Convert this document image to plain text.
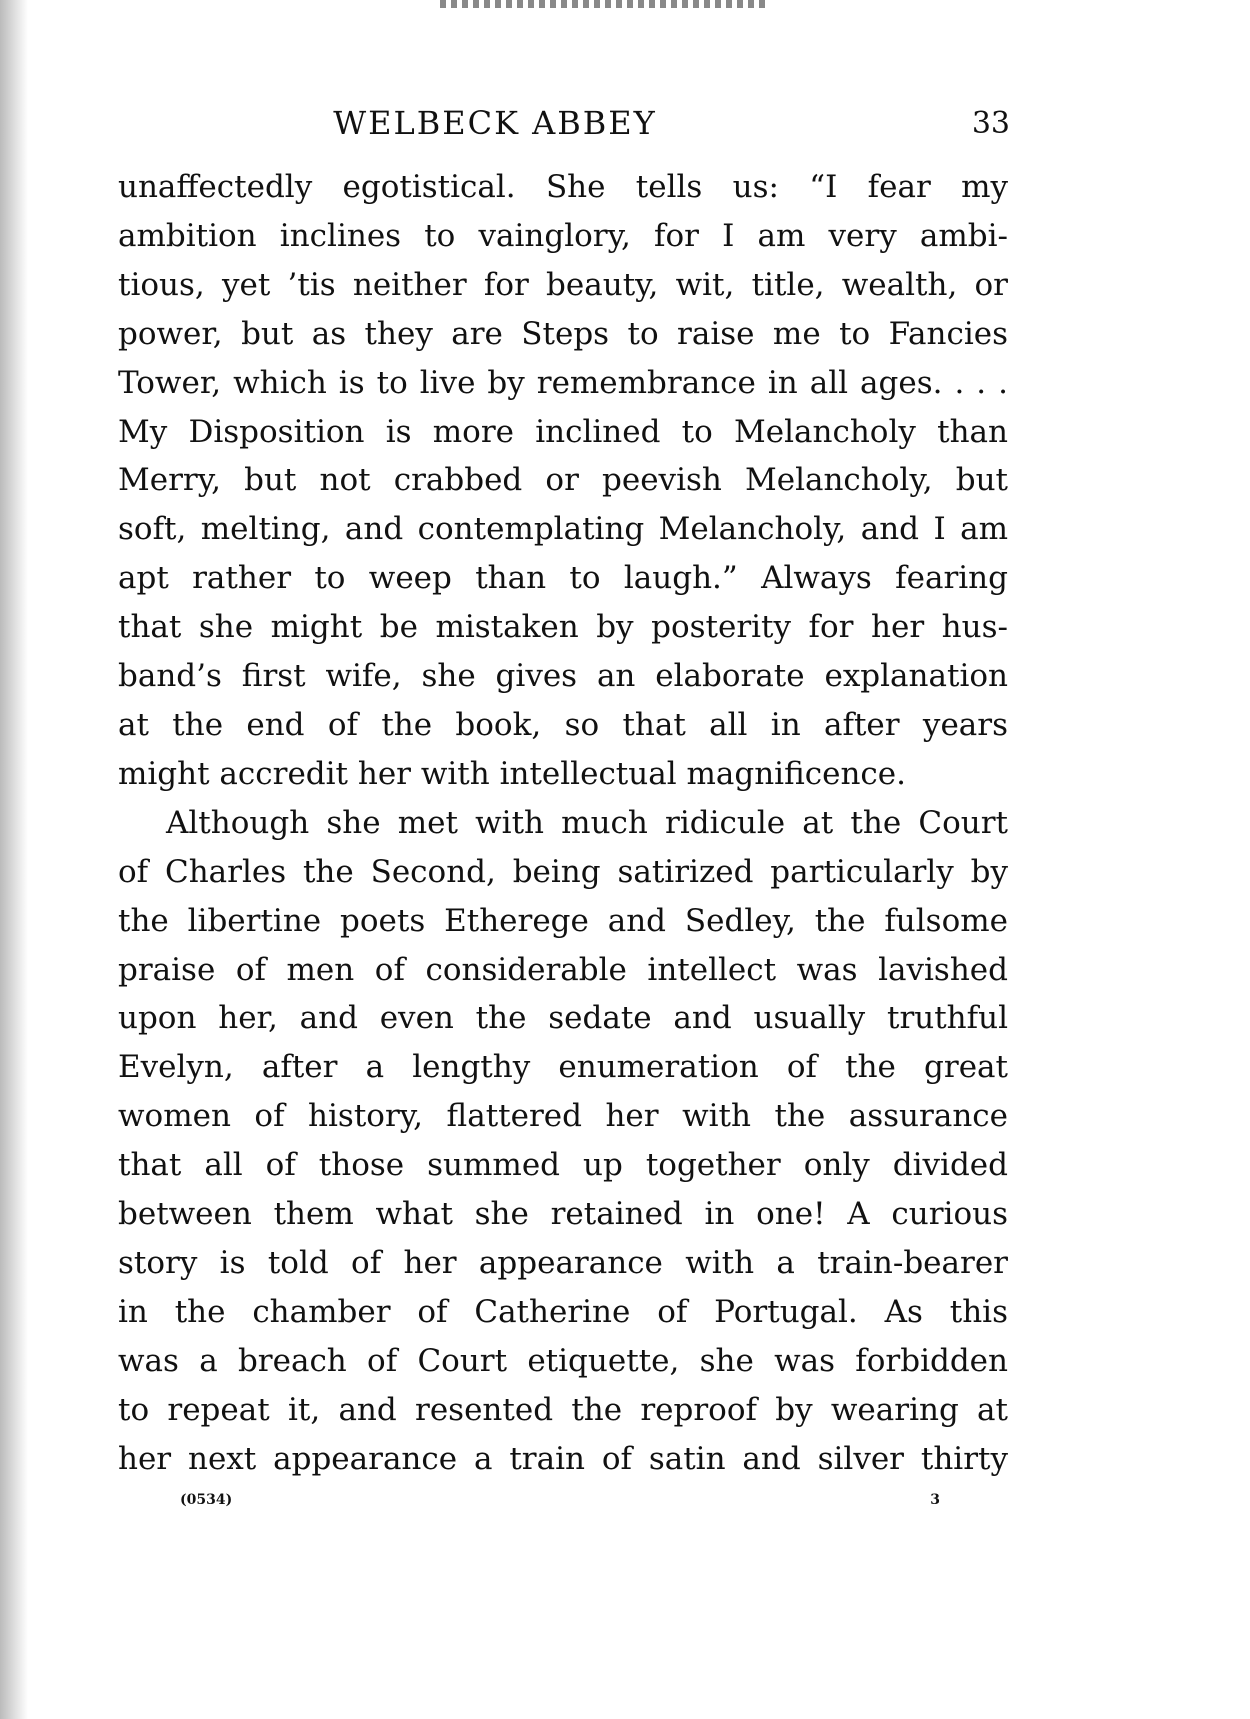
WELBECK ABBEY	33
unaffectedly egotistical. She tells us: “I fear my
ambition inclines to vainglory, for I am very ambi-
tious, yet ’tis neither for beauty, wit, title, wealth, or
power, but as they are Steps to raise me to Fancies
Tower, which is to live by remembrance in all ages. . . .
My Disposition is more inclined to Melancholy than
Merry, but not crabbed or peevish Melancholy, but
soft, melting, and contemplating Melancholy, and I am
apt rather to weep than to laugh.” Always fearing
that she might be mistaken by posterity for her hus-
band’s first wife, she gives an elaborate explanation
at the end of the book, so that all in after years
might accredit her with intellectual magnificence.
Although she met with much ridicule at the Court
of Charles the Second, being satirized particularly by
the libertine poets Etherege and Sedley, the fulsome
praise of men of considerable intellect was lavished
upon her, and even the sedate and usually truthful
Evelyn, after a lengthy enumeration of the great
women of history, flattered her with the assurance
that all of those summed up together only divided
between them what she retained in one! A curious
story is told of her appearance with a train-bearer
in the chamber of Catherine of Portugal. As this
was a breach of Court etiquette, she was forbidden
to repeat it, and resented the reproof by wearing at
her next appearance a train of satin and silver thirty
(0534)	3
